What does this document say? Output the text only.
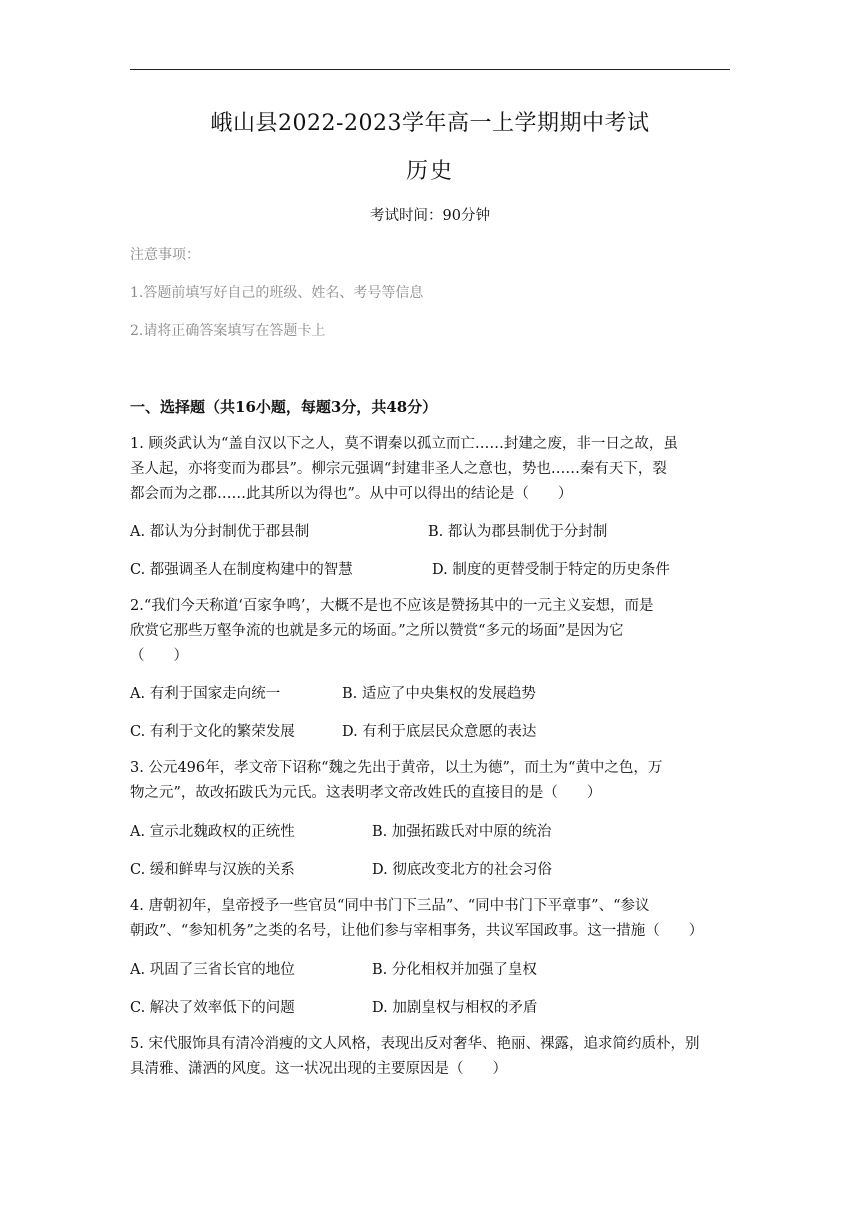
峨山县2022-2023学年高一上学期期中考试
历史
考试时间：90分钟
注意事项：
1.答题前填写好自己的班级、姓名、考号等信息
2.请将正确答案填写在答题卡上
一、选择题（共16小题，每题3分，共48分）
1. 顾炎武认为“盖自汉以下之人，莫不谓秦以孤立而亡……封建之废，非一日之故，虽
圣人起，亦将变而为郡县”。柳宗元强调“封建非圣人之意也，势也……秦有天下，裂
都会而为之郡……此其所以为得也”。从中可以得出的结论是（　　）
A. 都认为分封制优于郡县制	B. 都认为郡县制优于分封制
C. 都强调圣人在制度构建中的智慧	D. 制度的更替受制于特定的历史条件
2.“我们今天称道‘百家争鸣’，大概不是也不应该是赞扬其中的一元主义妄想，而是
欣赏它那些万壑争流的也就是多元的场面。”之所以赞赏“多元的场面”是因为它
（　　）
A. 有利于国家走向统一	B. 适应了中央集权的发展趋势
C. 有利于文化的繁荣发展	D. 有利于底层民众意愿的表达
3. 公元496年，孝文帝下诏称“魏之先出于黄帝，以土为德”，而土为“黄中之色，万
物之元”，故改拓跋氏为元氏。这表明孝文帝改姓氏的直接目的是（　　）
A. 宣示北魏政权的正统性	B. 加强拓跋氏对中原的统治
C. 缓和鲜卑与汉族的关系	D. 彻底改变北方的社会习俗
4. 唐朝初年，皇帝授予一些官员“同中书门下三品”、“同中书门下平章事”、“参议
朝政”、“参知机务”之类的名号，让他们参与宰相事务，共议军国政事。这一措施（　　）
A. 巩固了三省长官的地位	B. 分化相权并加强了皇权
C. 解决了效率低下的问题	D. 加剧皇权与相权的矛盾
5. 宋代服饰具有清冷消瘦的文人风格，表现出反对奢华、艳丽、裸露，追求简约质朴，别
具清雅、潇洒的风度。这一状况出现的主要原因是（　　）
